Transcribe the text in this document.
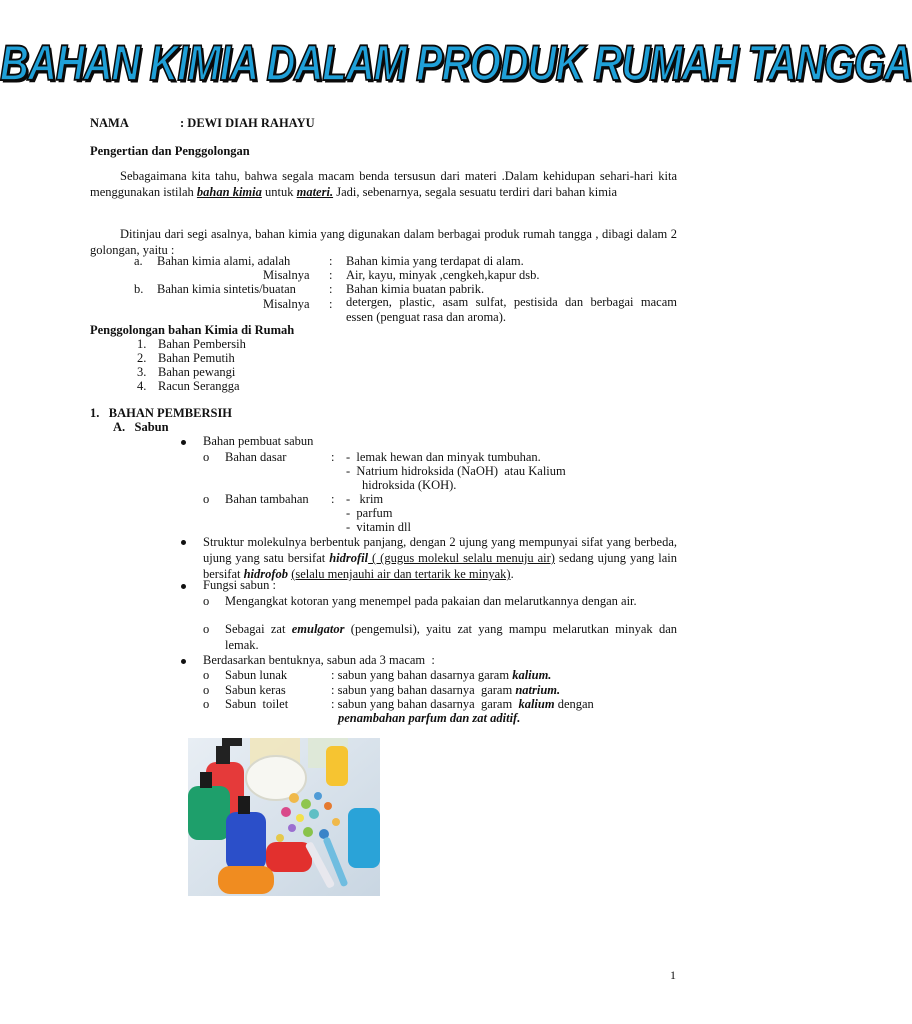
BAHAN KIMIA DALAM PRODUK RUMAH TANGGA
NAMA	: DEWI DIAH RAHAYU
Pengertian dan Penggolongan
Sebagaimana kita tahu, bahwa segala macam benda tersusun dari materi .Dalam kehidupan sehari-hari kita menggunakan istilah bahan kimia untuk materi. Jadi, sebenarnya, segala sesuatu terdiri dari bahan kimia
Ditinjau dari segi asalnya, bahan kimia yang digunakan dalam berbagai produk rumah tangga , dibagi dalam 2 golongan, yaitu :
a. Bahan kimia alami, adalah	: Bahan kimia yang terdapat di alam.
Misalnya : Air, kayu, minyak ,cengkeh,kapur dsb.
b. Bahan kimia sintetis/buatan	: Bahan kimia buatan pabrik.
Misalnya : detergen, plastic, asam sulfat, pestisida dan berbagai macam essen (penguat rasa dan aroma).
Penggolongan bahan Kimia di Rumah
1. Bahan Pembersih
2. Bahan Pemutih
3. Bahan pewangi
4. Racun Serangga
1.   BAHAN PEMBERSIH
A.   Sabun
Bahan pembuat sabun
o Bahan dasar	: -  lemak hewan dan minyak tumbuhan.
-  Natrium hidroksida (NaOH)  atau Kalium
hidroksida (KOH).
o Bahan tambahan : -   krim
-  parfum
-  vitamin dll
Struktur molekulnya berbentuk panjang, dengan 2 ujung yang mempunyai sifat yang berbeda, ujung yang satu bersifat hidrofil ( (gugus molekul selalu menuju air) sedang ujung yang lain bersifat hidrofob (selalu menjauhi air dan tertarik ke minyak).
Fungsi sabun :
o Mengangkat kotoran yang menempel pada pakaian dan melarutkannya dengan air.
o Sebagai zat emulgator (pengemulsi), yaitu zat yang mampu melarutkan minyak dan lemak.
Berdasarkan bentuknya, sabun ada 3 macam  :
o Sabun lunak	: sabun yang bahan dasarnya garam kalium.
o Sabun keras	: sabun yang bahan dasarnya  garam natrium.
o Sabun  toilet	: sabun yang bahan dasarnya  garam  kalium dengan
penambahan parfum dan zat aditif.
1
